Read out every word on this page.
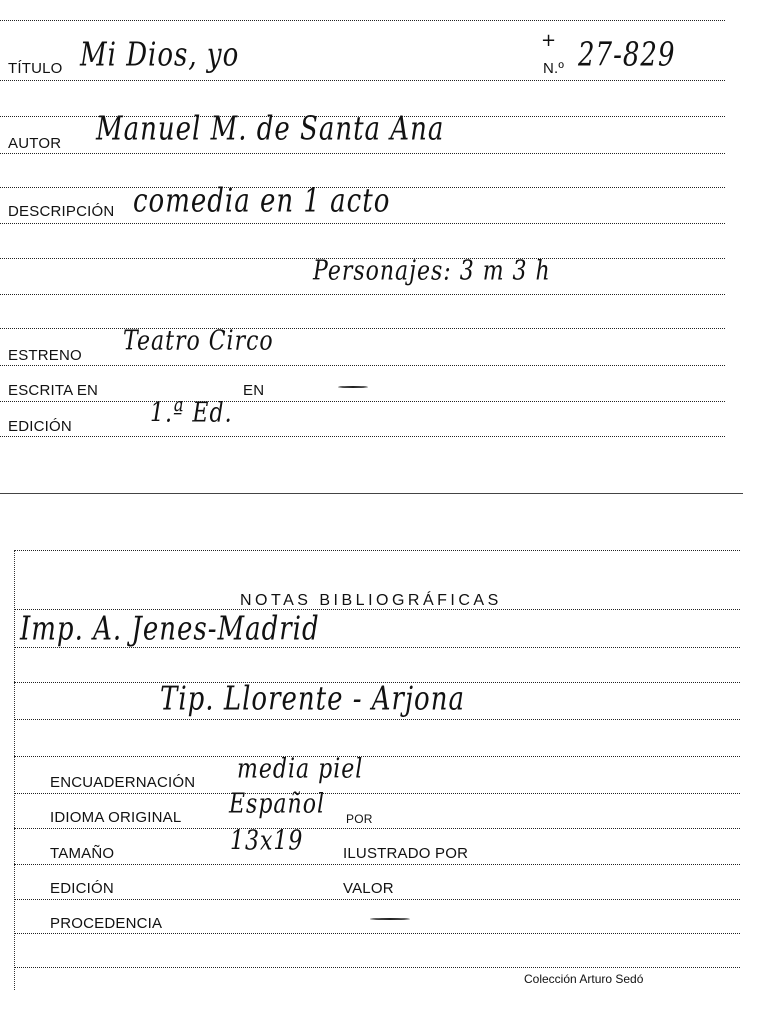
TÍTULO Mi Dios, yo	+
N.º 27-829
AUTOR Manuel M. de Santa Ana
DESCRIPCIÓN comedia en 1 acto
Personajes: 3 m 3 h
ESTRENO Teatro Circo
ESCRITA EN	EN
EDICIÓN	1.ª Ed.
NOTAS BIBLIOGRÁFICAS
Imp. A. Jenes-Madrid
Tip. Llorente - Arjona
ENCUADERNACIÓN media piel
IDIOMA ORIGINAL Español POR
TAMAÑO	13x19	ILUSTRADO POR
EDICIÓN	VALOR
PROCEDENCIA
Colección Arturo Sedó
